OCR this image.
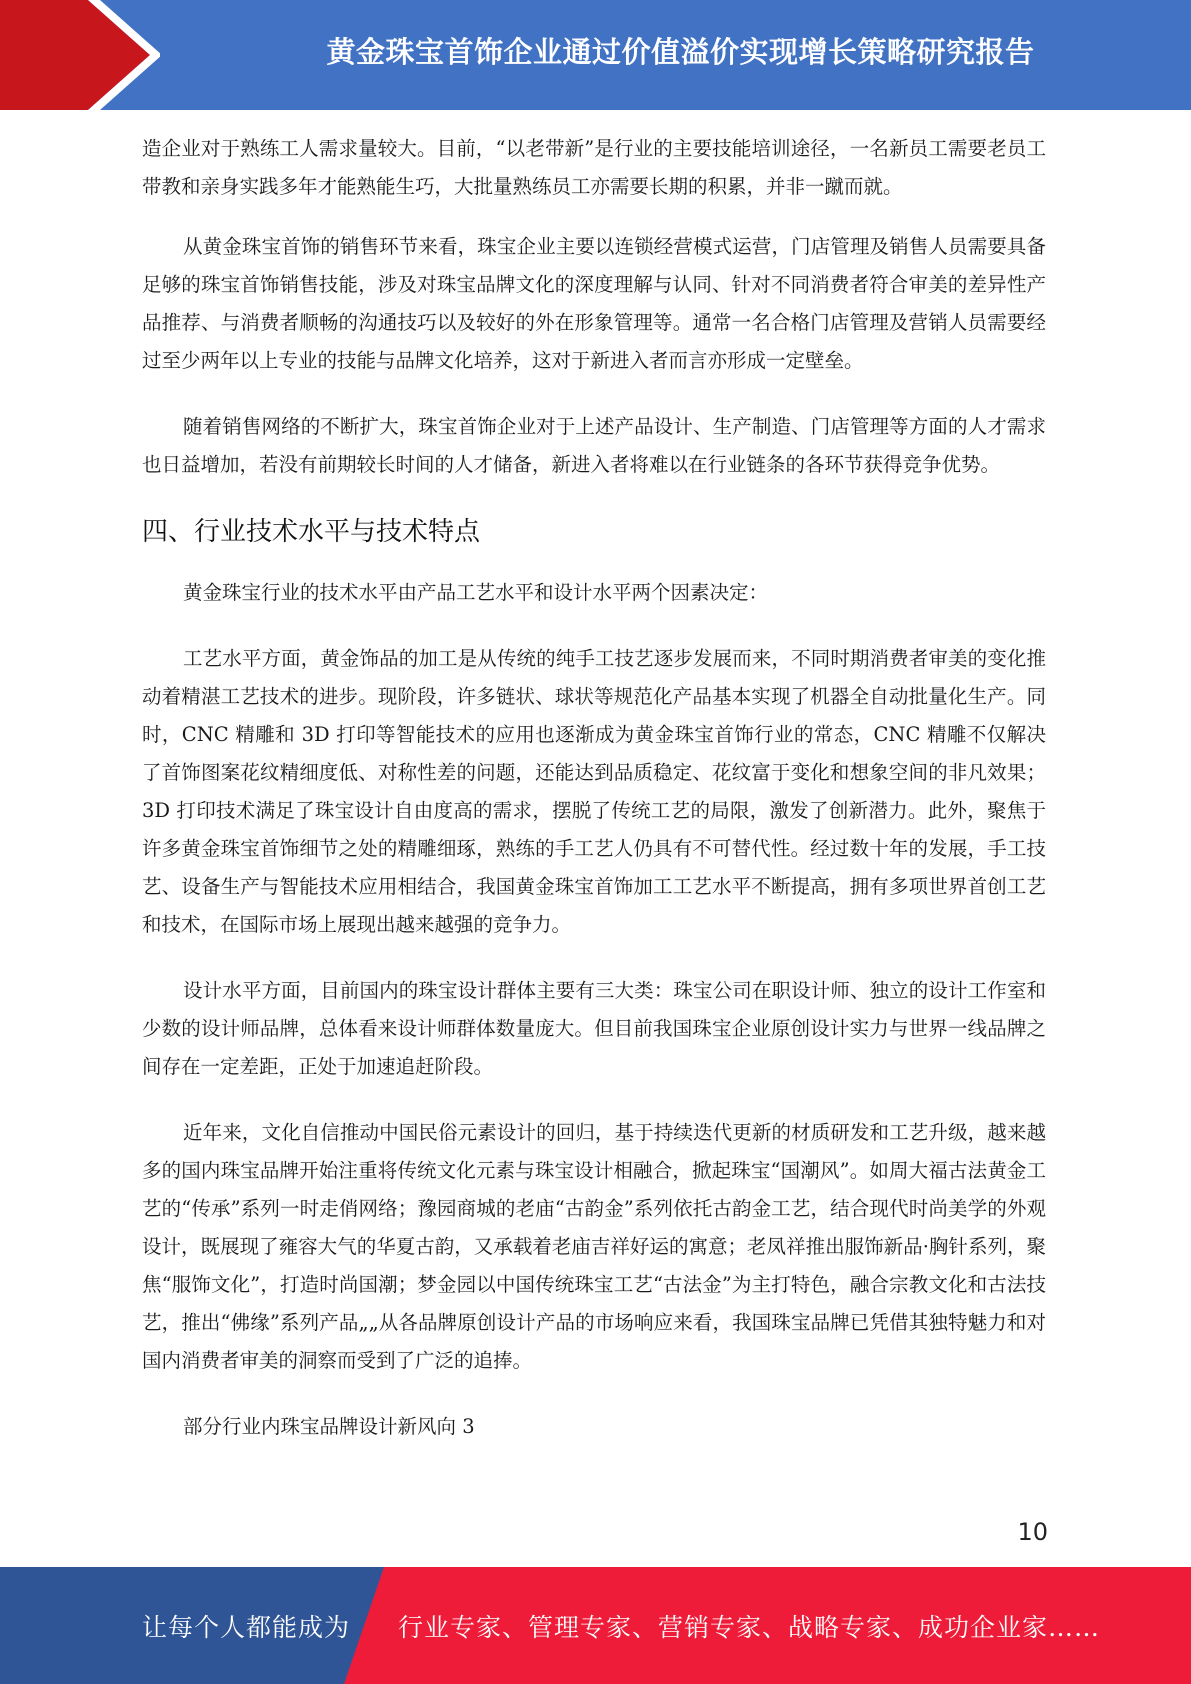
黄金珠宝首饰企业通过价值溢价实现增长策略研究报告

造企业对于熟练工人需求量较大。目前，“以老带新”是行业的主要技能培训途径，一名新员工需要老员工带教和亲身实践多年才能熟能生巧，大批量熟练员工亦需要长期的积累，并非一蹴而就。

从黄金珠宝首饰的销售环节来看，珠宝企业主要以连锁经营模式运营，门店管理及销售人员需要具备足够的珠宝首饰销售技能，涉及对珠宝品牌文化的深度理解与认同、针对不同消费者符合审美的差异性产品推荐、与消费者顺畅的沟通技巧以及较好的外在形象管理等。通常一名合格门店管理及营销人员需要经过至少两年以上专业的技能与品牌文化培养，这对于新进入者而言亦形成一定壁垒。

随着销售网络的不断扩大，珠宝首饰企业对于上述产品设计、生产制造、门店管理等方面的人才需求也日益增加，若没有前期较长时间的人才储备，新进入者将难以在行业链条的各环节获得竞争优势。

四、行业技术水平与技术特点

黄金珠宝行业的技术水平由产品工艺水平和设计水平两个因素决定：

工艺水平方面，黄金饰品的加工是从传统的纯手工技艺逐步发展而来，不同时期消费者审美的变化推动着精湛工艺技术的进步。现阶段，许多链状、球状等规范化产品基本实现了机器全自动批量化生产。同时，CNC 精雕和 3D 打印等智能技术的应用也逐渐成为黄金珠宝首饰行业的常态，CNC 精雕不仅解决了首饰图案花纹精细度低、对称性差的问题，还能达到品质稳定、花纹富于变化和想象空间的非凡效果；3D 打印技术满足了珠宝设计自由度高的需求，摆脱了传统工艺的局限，激发了创新潜力。此外，聚焦于许多黄金珠宝首饰细节之处的精雕细琢，熟练的手工艺人仍具有不可替代性。经过数十年的发展，手工技艺、设备生产与智能技术应用相结合，我国黄金珠宝首饰加工工艺水平不断提高，拥有多项世界首创工艺和技术，在国际市场上展现出越来越强的竞争力。

设计水平方面，目前国内的珠宝设计群体主要有三大类：珠宝公司在职设计师、独立的设计工作室和少数的设计师品牌，总体看来设计师群体数量庞大。但目前我国珠宝企业原创设计实力与世界一线品牌之间存在一定差距，正处于加速追赶阶段。

近年来，文化自信推动中国民俗元素设计的回归，基于持续迭代更新的材质研发和工艺升级，越来越多的国内珠宝品牌开始注重将传统文化元素与珠宝设计相融合，掀起珠宝“国潮风”。如周大福古法黄金工艺的“传承”系列一时走俏网络；豫园商城的老庙“古韵金”系列依托古韵金工艺，结合现代时尚美学的外观设计，既展现了雍容大气的华夏古韵，又承载着老庙吉祥好运的寓意；老凤祥推出服饰新品·胸针系列，聚焦“服饰文化”，打造时尚国潮；梦金园以中国传统珠宝工艺“古法金”为主打特色，融合宗教文化和古法技艺，推出“佛缘”系列产品„„从各品牌原创设计产品的市场响应来看，我国珠宝品牌已凭借其独特魅力和对国内消费者审美的洞察而受到了广泛的追捧。

部分行业内珠宝品牌设计新风向 3

10
让每个人都能成为 行业专家、管理专家、营销专家、战略专家、成功企业家……
